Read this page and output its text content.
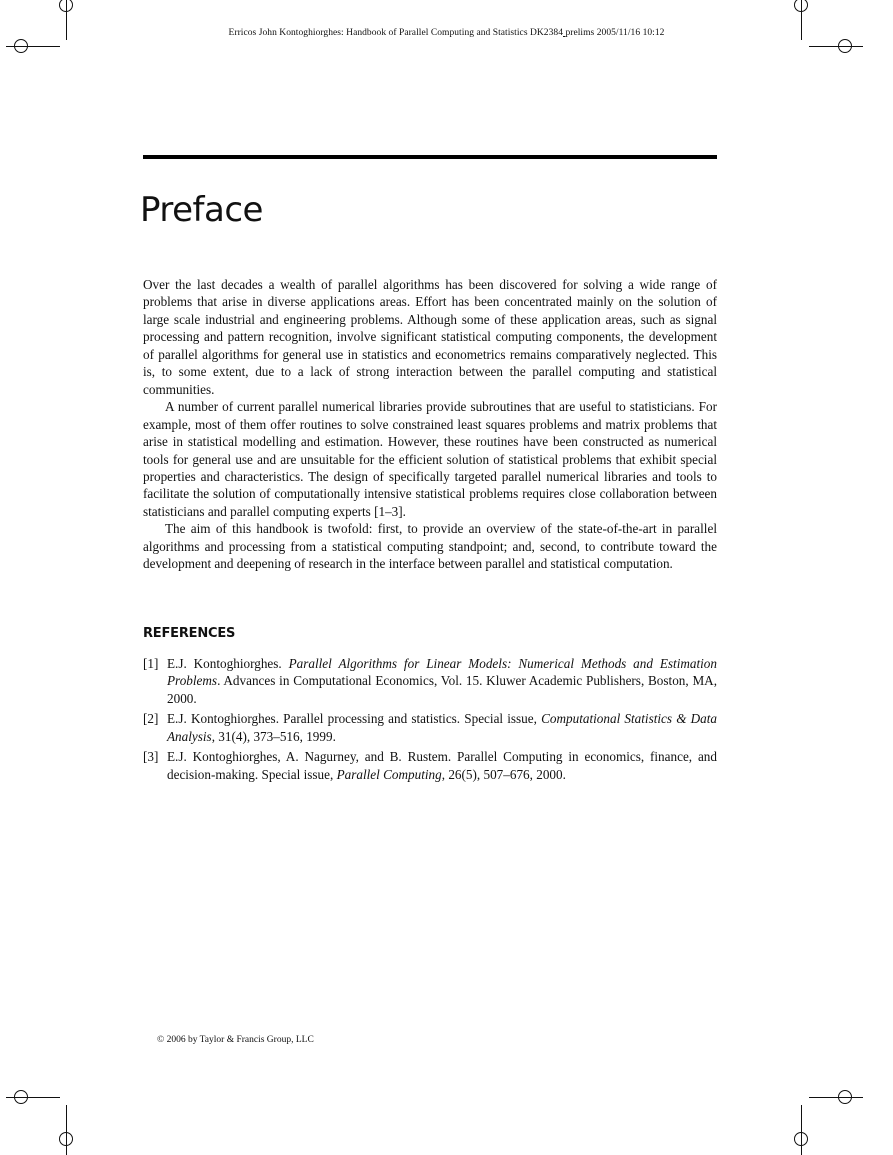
Erricos John Kontoghiorghes: Handbook of Parallel Computing and Statistics DK2384 prelims 2005/11/16 10:12
Preface

Over the last decades a wealth of parallel algorithms has been discovered for solving a wide range of problems that arise in diverse applications areas. Effort has been concentrated mainly on the solution of large scale industrial and engineering problems. Although some of these application areas, such as signal processing and pattern recognition, involve significant statistical computing components, the development of parallel algorithms for general use in statistics and econometrics remains comparatively neglected. This is, to some extent, due to a lack of strong interaction between the parallel computing and statistical communities.

A number of current parallel numerical libraries provide subroutines that are useful to statisticians. For example, most of them offer routines to solve constrained least squares problems and matrix problems that arise in statistical modelling and estimation. However, these routines have been constructed as numerical tools for general use and are unsuitable for the efficient solution of statistical problems that exhibit special properties and characteristics. The design of specifically targeted parallel numerical libraries and tools to facilitate the solution of computationally intensive statistical problems requires close collaboration between statisticians and parallel computing experts [1–3].

The aim of this handbook is twofold: first, to provide an overview of the state-of-the-art in parallel algorithms and processing from a statistical computing standpoint; and, second, to contribute toward the development and deepening of research in the interface between parallel and statistical computation.

REFERENCES
[1] E.J. Kontoghiorghes. Parallel Algorithms for Linear Models: Numerical Methods and Estimation Problems. Advances in Computational Economics, Vol. 15. Kluwer Academic Publishers, Boston, MA, 2000.
[2] E.J. Kontoghiorghes. Parallel processing and statistics. Special issue, Computational Statistics & Data Analysis, 31(4), 373–516, 1999.
[3] E.J. Kontoghiorghes, A. Nagurney, and B. Rustem. Parallel Computing in economics, finance, and decision-making. Special issue, Parallel Computing, 26(5), 507–676, 2000.
© 2006 by Taylor & Francis Group, LLC
